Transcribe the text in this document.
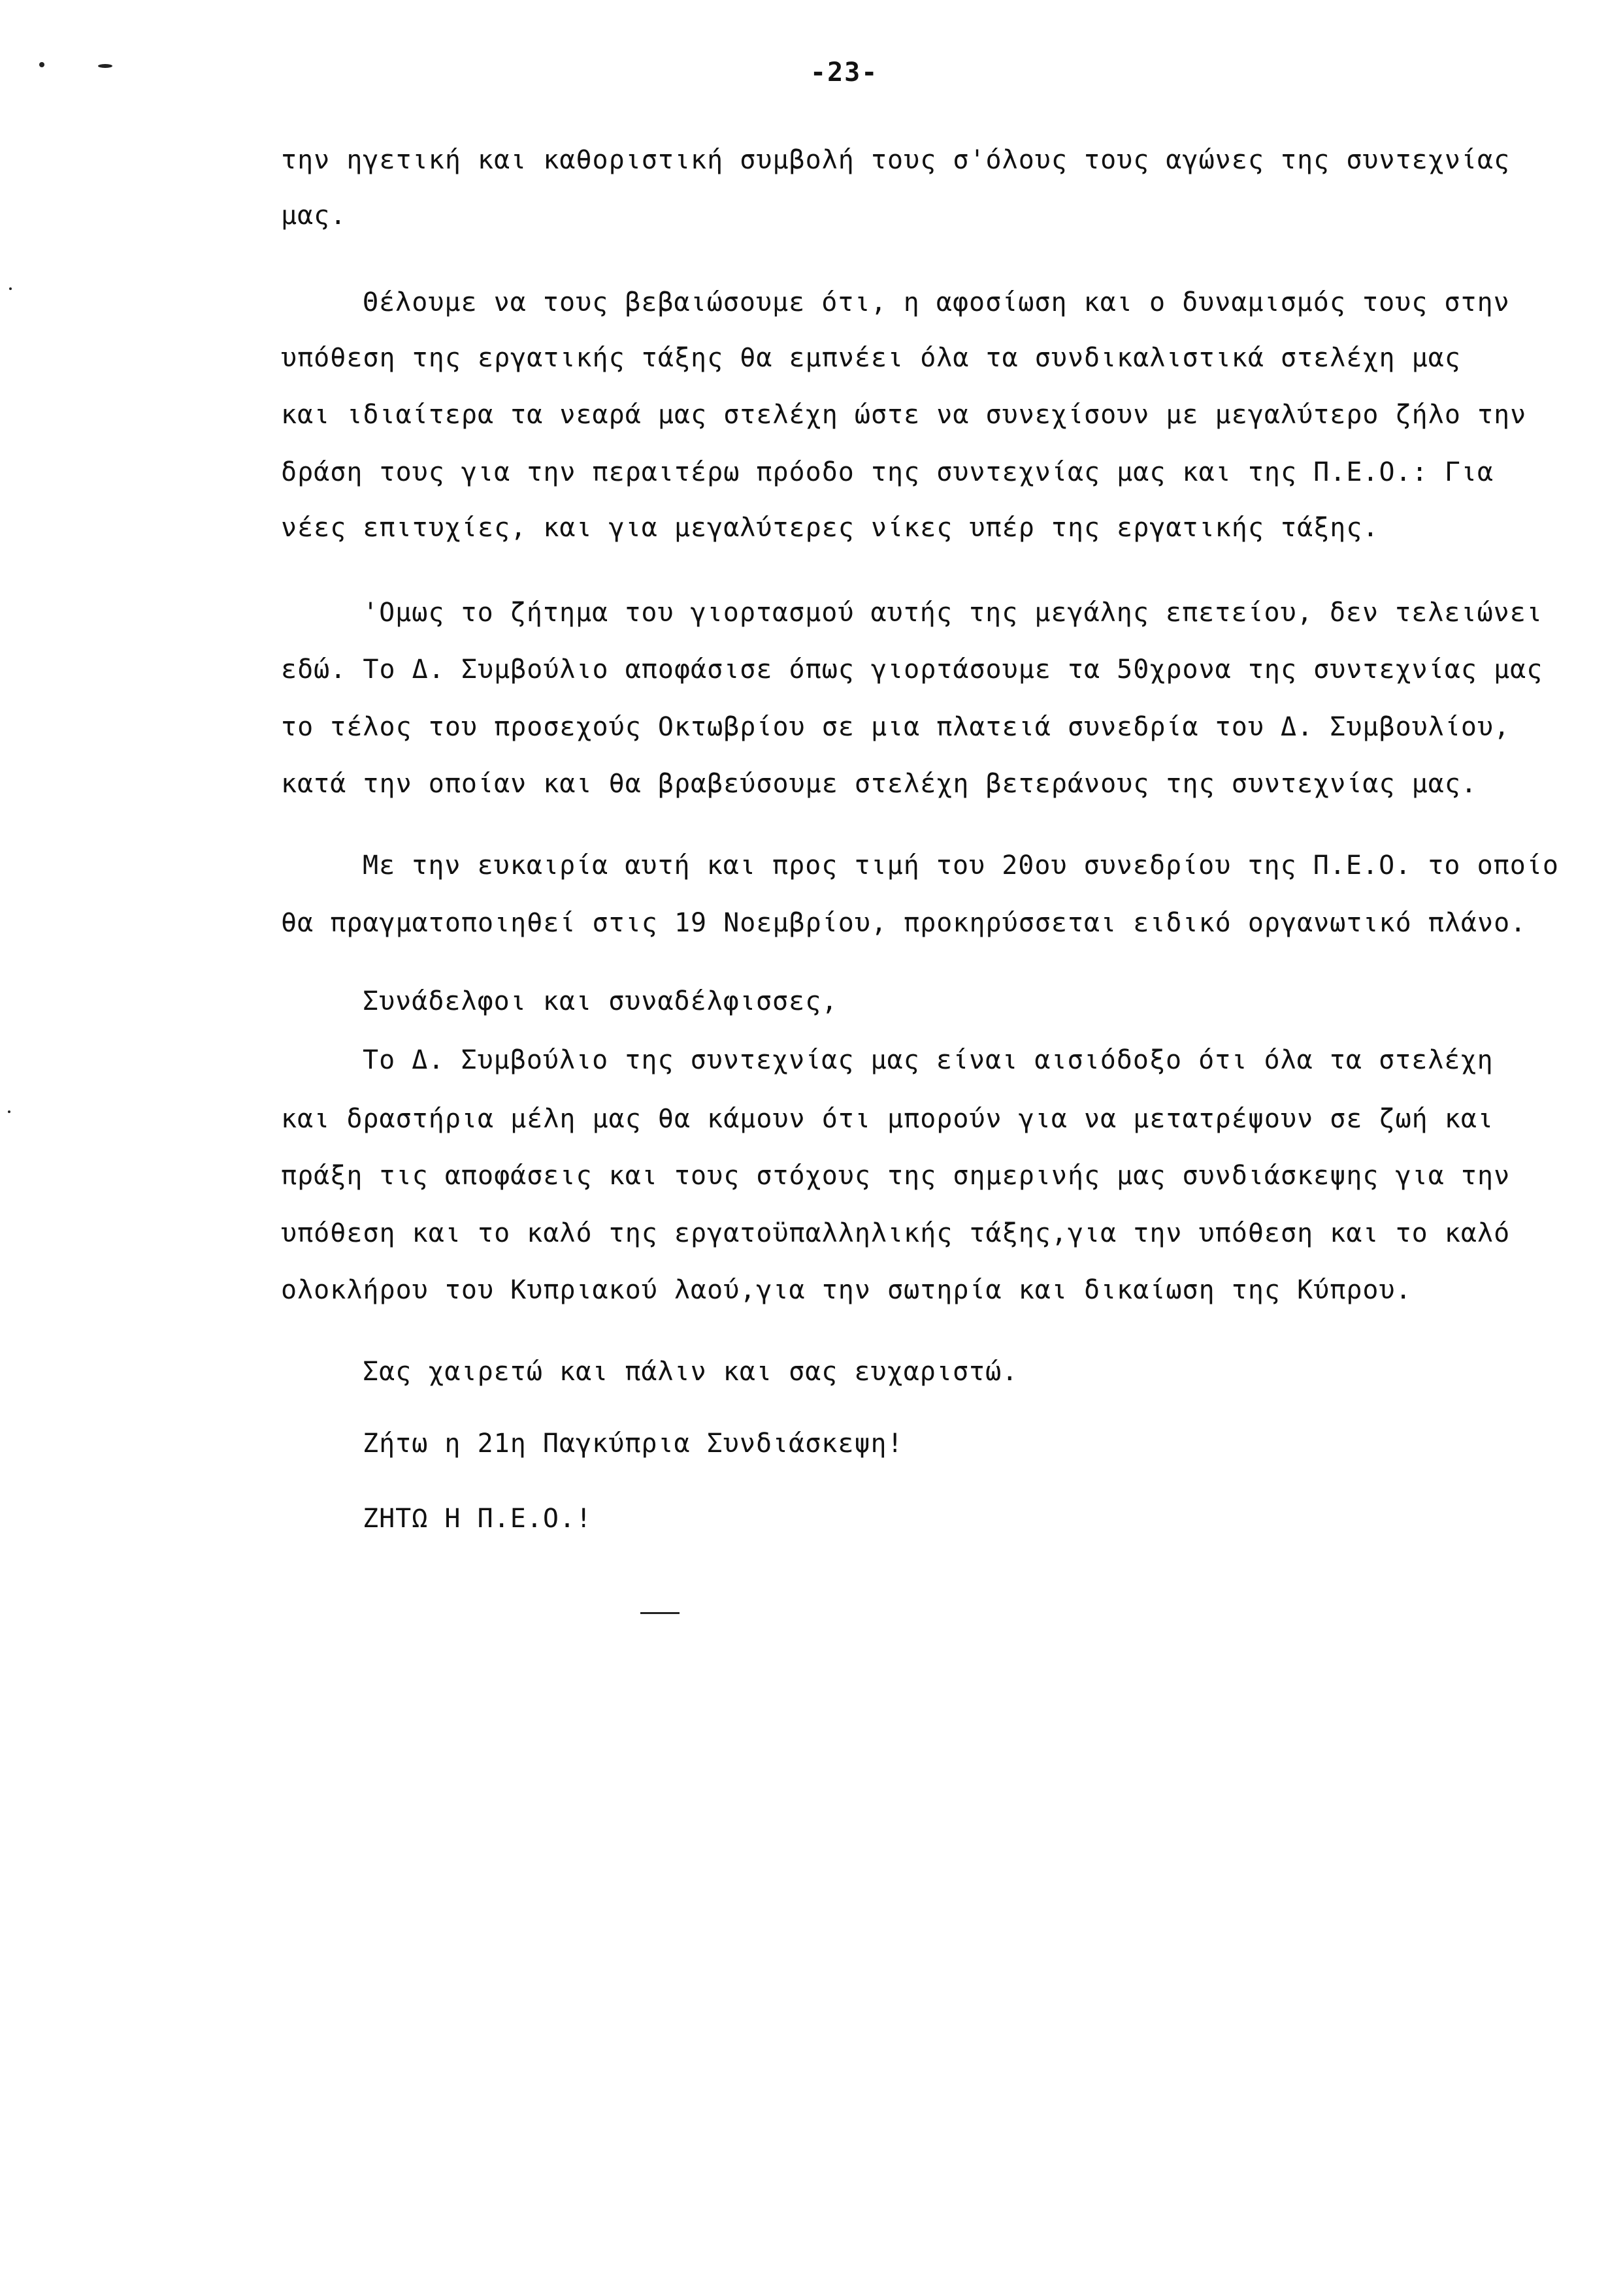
-23-
την ηγετική και καθοριστική συμβολή τους σ'όλους τους αγώνες της συντεχνίας
μας.
Θέλουμε να τους βεβαιώσουμε ότι, η αφοσίωση και ο δυναμισμός τους στην
υπόθεση της εργατικής τάξης θα εμπνέει όλα τα συνδικαλιστικά στελέχη μας
και ιδιαίτερα τα νεαρά μας στελέχη ώστε να συνεχίσουν με μεγαλύτερο ζήλο την
δράση τους για την περαιτέρω πρόοδο της συντεχνίας μας και της Π.Ε.Ο.: Για
νέες επιτυχίες, και για μεγαλύτερες νίκες υπέρ της εργατικής τάξης.
'Ομως το ζήτημα του γιορτασμού αυτής της μεγάλης επετείου, δεν τελειώνει
εδώ. Το Δ. Συμβούλιο αποφάσισε όπως γιορτάσουμε τα 50χρονα της συντεχνίας μας
το τέλος του προσεχούς Οκτωβρίου σε μια πλατειά συνεδρία του Δ. Συμβουλίου,
κατά την οποίαν και θα βραβεύσουμε στελέχη βετεράνους της συντεχνίας μας.
Με την ευκαιρία αυτή και προς τιμή του 20ου συνεδρίου της Π.Ε.Ο. το οποίο
θα πραγματοποιηθεί στις 19 Νοεμβρίου, προκηρύσσεται ειδικό οργανωτικό πλάνο.
Συνάδελφοι και συναδέλφισσες,
Το Δ. Συμβούλιο της συντεχνίας μας είναι αισιόδοξο ότι όλα τα στελέχη
και δραστήρια μέλη μας θα κάμουν ότι μπορούν για να μετατρέψουν σε ζωή και
πράξη τις αποφάσεις και τους στόχους της σημερινής μας συνδιάσκεψης για την
υπόθεση και το καλό της εργατοϋπαλληλικής τάξης,για την υπόθεση και το καλό
ολοκλήρου του Κυπριακού λαού,για την σωτηρία και δικαίωση της Κύπρου.
Σας χαιρετώ και πάλιν και σας ευχαριστώ.
Ζήτω η 21η Παγκύπρια Συνδιάσκεψη!
ΖΗΤΩ Η Π.Ε.Ο.!
